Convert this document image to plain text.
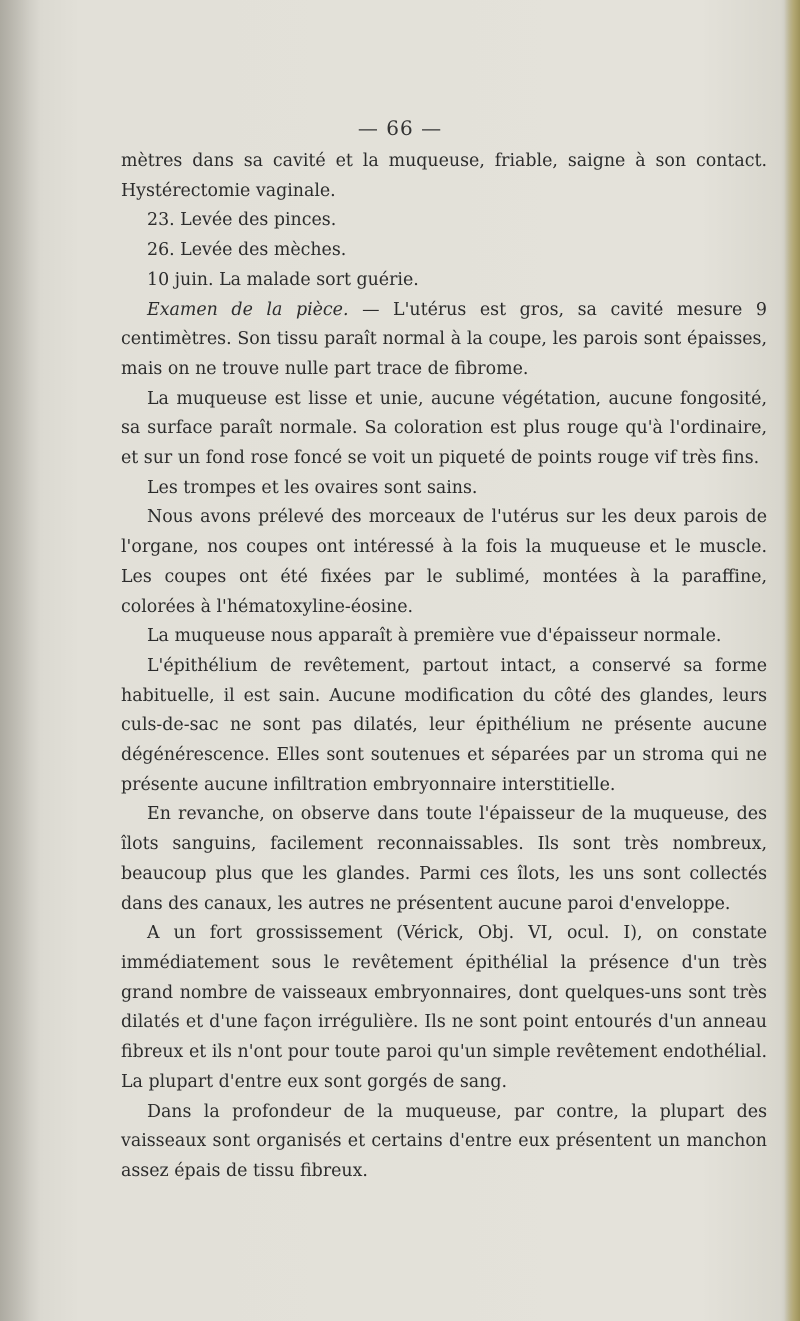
— 66 —

mètres dans sa cavité et la muqueuse, friable, saigne à son contact. Hystérectomie vaginale.

23. Levée des pinces.

26. Levée des mèches.

10 juin. La malade sort guérie.

Examen de la pièce. — L'utérus est gros, sa cavité mesure 9 centimètres. Son tissu paraît normal à la coupe, les parois sont épaisses, mais on ne trouve nulle part trace de fibrome.

La muqueuse est lisse et unie, aucune végétation, aucune fongosité, sa surface paraît normale. Sa coloration est plus rouge qu'à l'ordinaire, et sur un fond rose foncé se voit un piqueté de points rouge vif très fins.

Les trompes et les ovaires sont sains.

Nous avons prélevé des morceaux de l'utérus sur les deux parois de l'organe, nos coupes ont intéressé à la fois la muqueuse et le muscle. Les coupes ont été fixées par le sublimé, montées à la paraffine, colorées à l'hématoxyline-éosine.

La muqueuse nous apparaît à première vue d'épaisseur normale.

L'épithélium de revêtement, partout intact, a conservé sa forme habituelle, il est sain. Aucune modification du côté des glandes, leurs culs-de-sac ne sont pas dilatés, leur épithélium ne présente aucune dégénérescence. Elles sont soutenues et séparées par un stroma qui ne présente aucune infiltration embryonnaire interstitielle.

En revanche, on observe dans toute l'épaisseur de la muqueuse, des îlots sanguins, facilement reconnaissables. Ils sont très nombreux, beaucoup plus que les glandes. Parmi ces îlots, les uns sont collectés dans des canaux, les autres ne présentent aucune paroi d'enveloppe.

A un fort grossissement (Vérick, Obj. VI, ocul. I), on constate immédiatement sous le revêtement épithélial la présence d'un très grand nombre de vaisseaux embryonnaires, dont quelques-uns sont très dilatés et d'une façon irrégulière. Ils ne sont point entourés d'un anneau fibreux et ils n'ont pour toute paroi qu'un simple revêtement endothélial. La plupart d'entre eux sont gorgés de sang.

Dans la profondeur de la muqueuse, par contre, la plupart des vaisseaux sont organisés et certains d'entre eux présentent un manchon assez épais de tissu fibreux.
